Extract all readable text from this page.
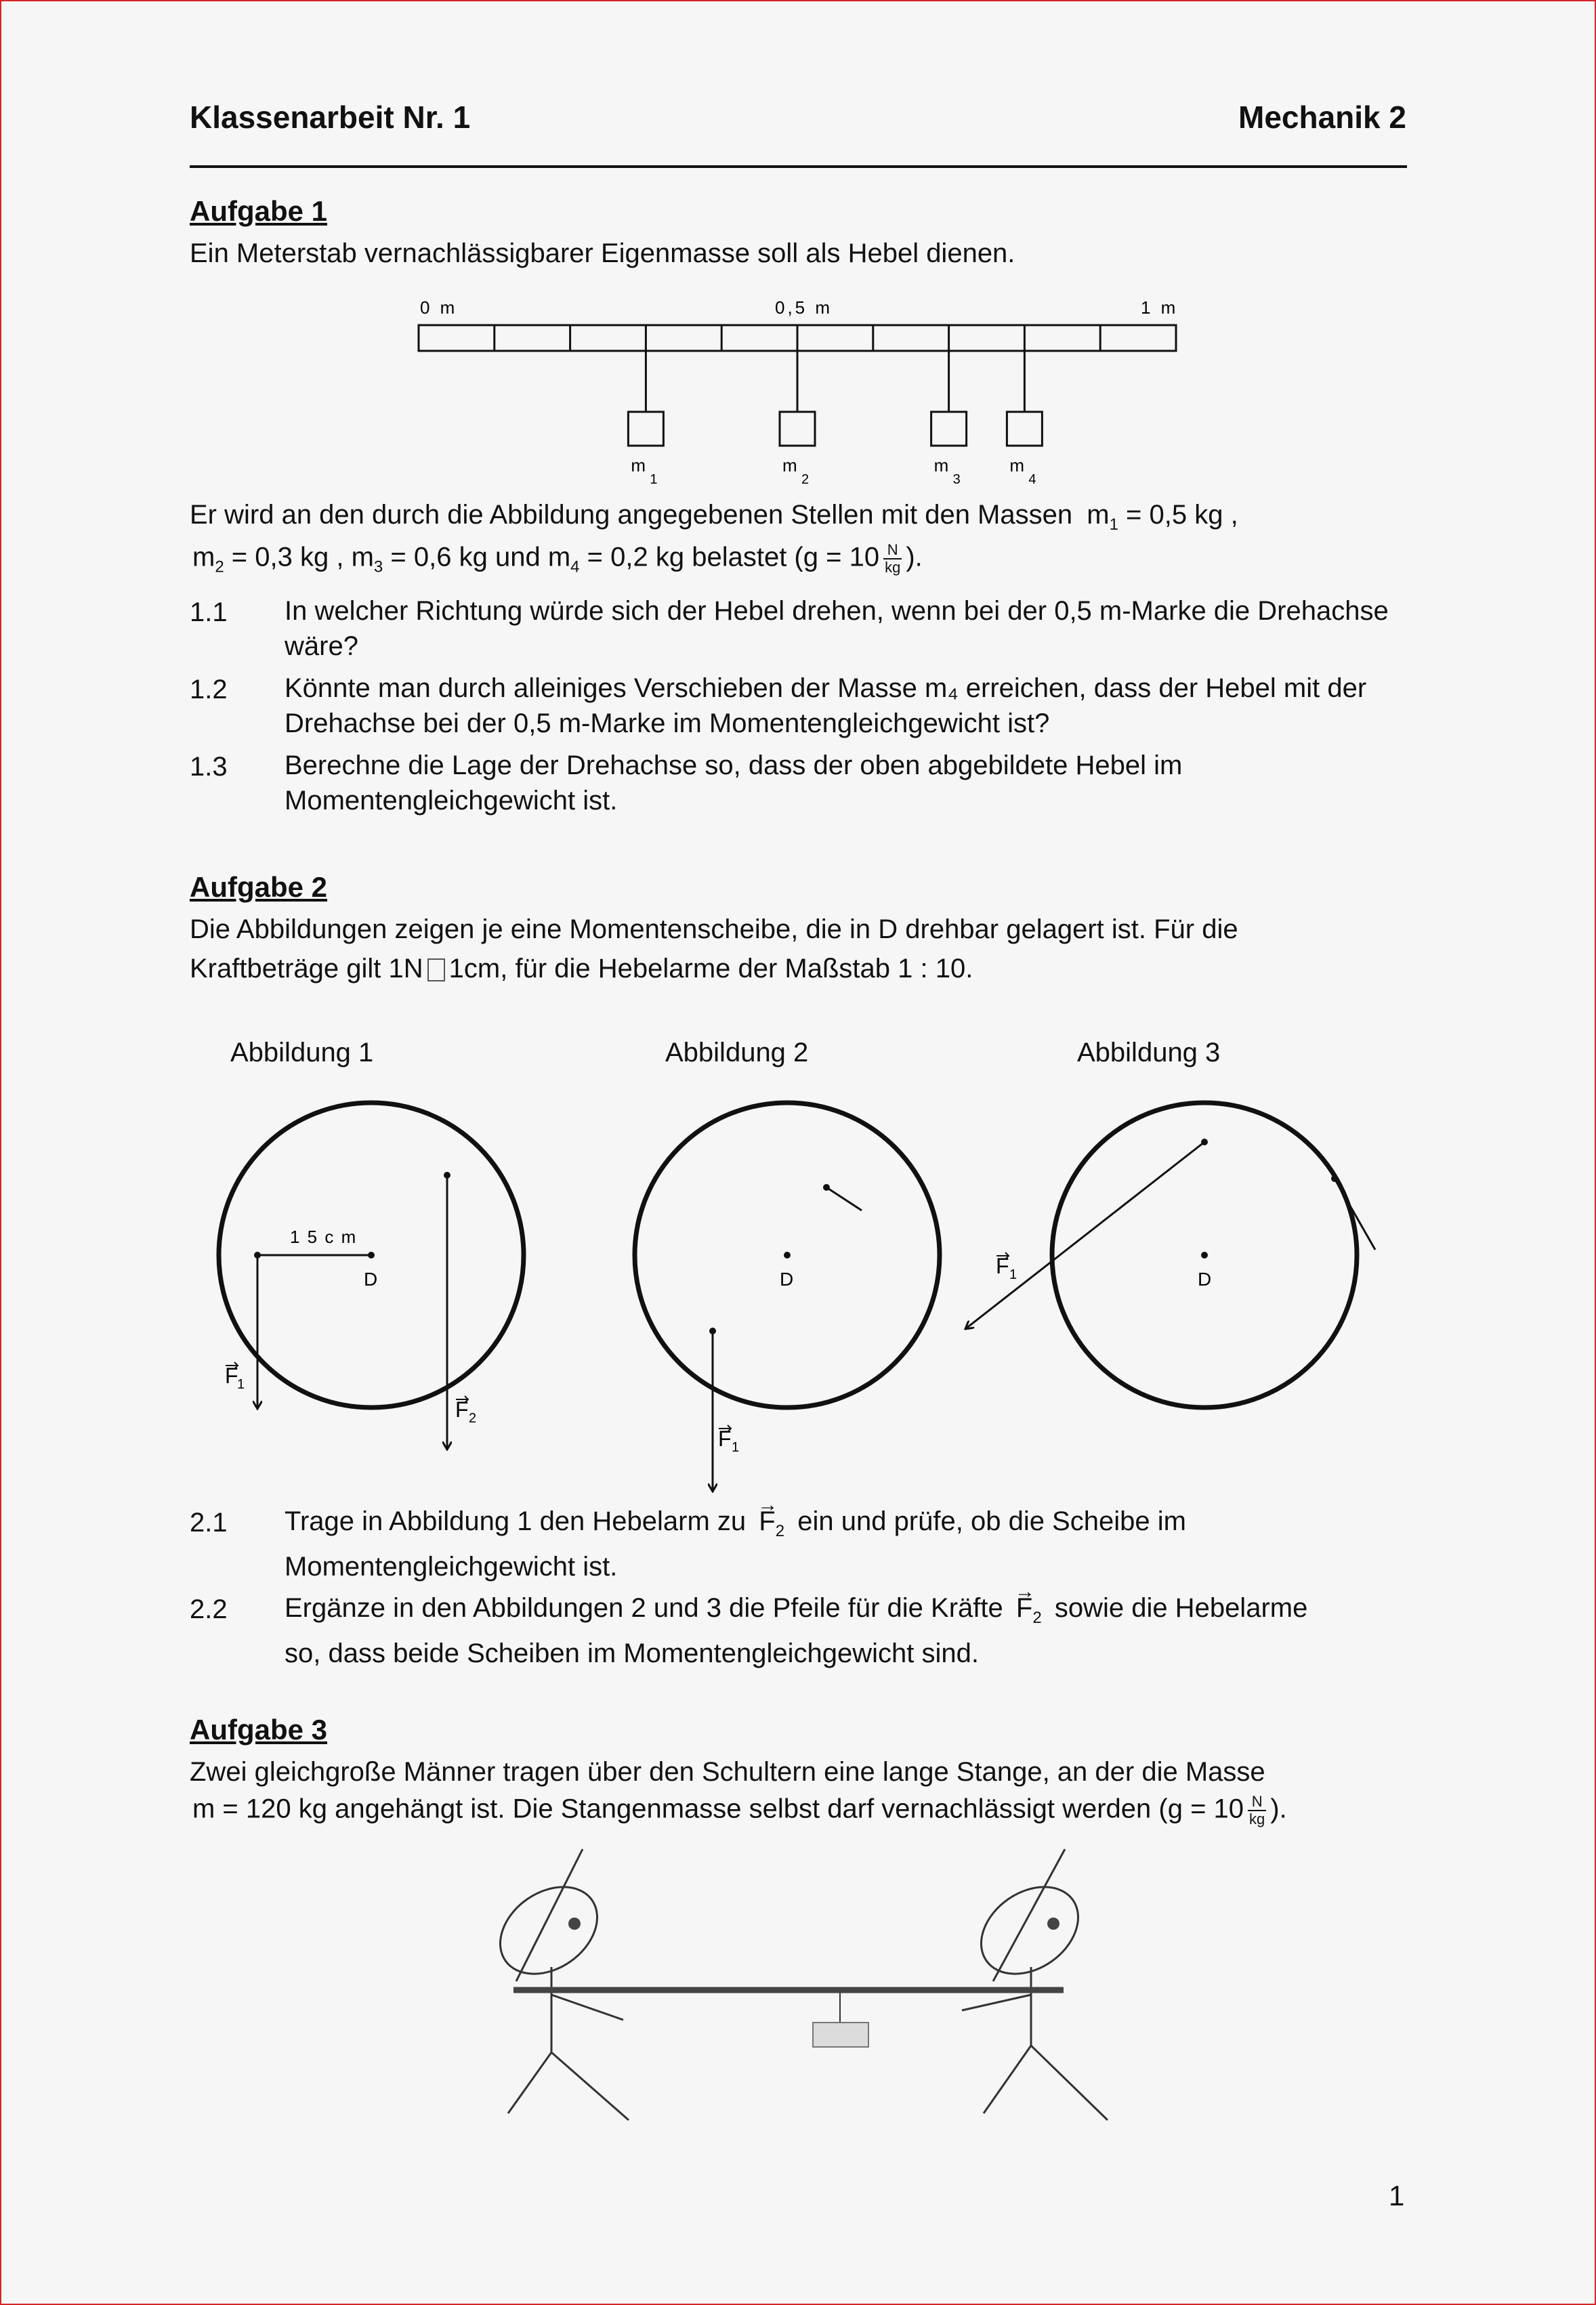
Klassenarbeit Nr. 1	Mechanik 2
Aufgabe 1
Ein Meterstab vernachlässigbarer Eigenmasse soll als Hebel dienen.
0 m	0,5 m	1 m
m
1
m
2
m
3
m
4
Er wird an den durch die Abbildung angegebenen Stellen mit den Massen $m_1 = 0,5$ kg ,
$m_2 = 0,3$ kg , $m_3 = 0,6$ kg und $m_4 = 0,2$ kg belastet ($g = 10 \frac{N}{kg}$ ).
1.1 In welcher Richtung würde sich der Hebel drehen, wenn bei der 0,5 m-Marke die Drehachse wäre?
1.2 Könnte man durch alleiniges Verschieben der Masse m₄ erreichen, dass der Hebel mit der Drehachse bei der 0,5 m-Marke im Momentengleichgewicht ist?
1.3 Berechne die Lage der Drehachse so, dass der oben abgebildete Hebel im Momentengleichgewicht ist.
Aufgabe 2
Die Abbildungen zeigen je eine Momentenscheibe, die in D drehbar gelagert ist. Für die
Kraftbeträge gilt 1N 1cm, für die Hebelarme der Maßstab 1 : 10.
Abbildung 1	Abbildung 2	Abbildung 3
D
1 5 c m
F
1
F 2
D
F 1
D
F 1
2.1 Trage in Abbildung 1 den Hebelarm zu → $F_2$ ein und prüfe, ob die Scheibe im
Momentengleichgewicht ist.
2.2 Ergänze in den Abbildungen 2 und 3 die Pfeile für die Kräfte → $F_2$ sowie die Hebelarme
so, dass beide Scheiben im Momentengleichgewicht sind.
Aufgabe 3
Zwei gleichgroße Männer tragen über den Schultern eine lange Stange, an der die Masse
m = 120 kg angehängt ist. Die Stangenmasse selbst darf vernachlässigt werden ($g = 10 \frac{N}{kg}$ ).
1
